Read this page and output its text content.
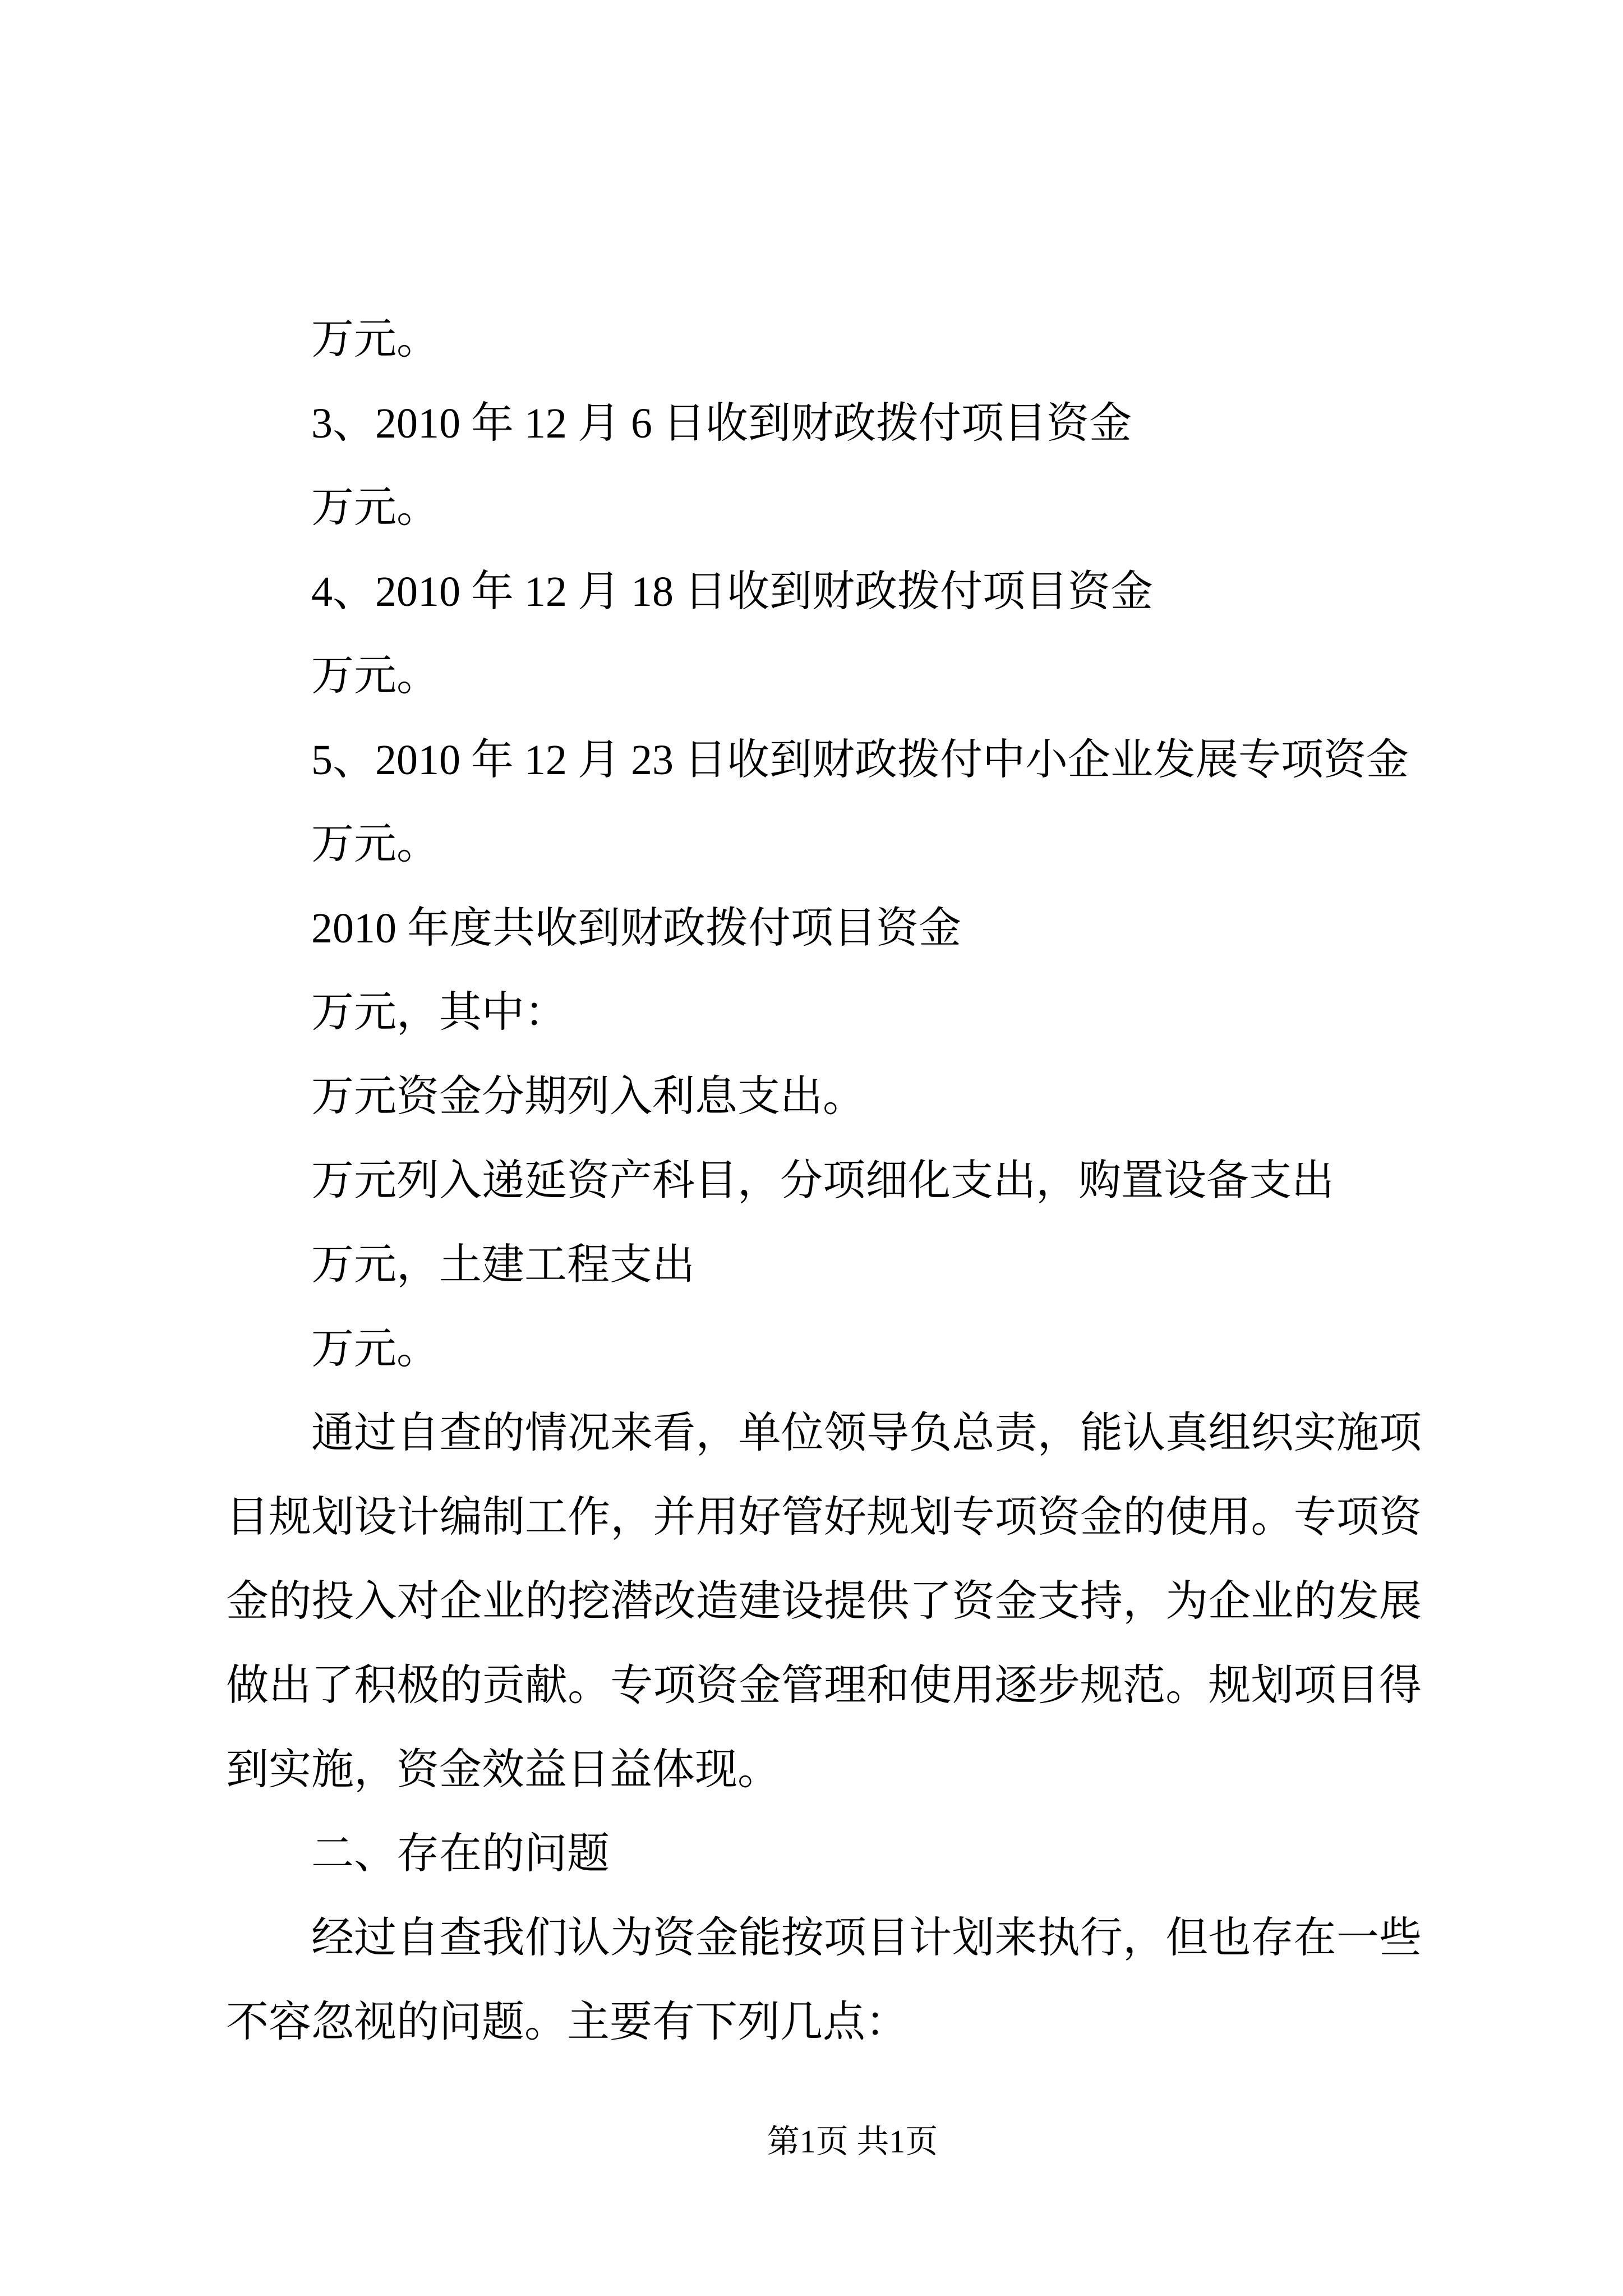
万元。
3、2010 年 12 月 6 日收到财政拨付项目资金
万元。
4、2010 年 12 月 18 日收到财政拨付项目资金
万元。
5、2010 年 12 月 23 日收到财政拨付中小企业发展专项资金
万元。
2010 年度共收到财政拨付项目资金
万元，其中：
万元资金分期列入利息支出。
万元列入递延资产科目，分项细化支出，购置设备支出
万元，土建工程支出
万元。
通过自查的情况来看，单位领导负总责，能认真组织实施项
目规划设计编制工作，并用好管好规划专项资金的使用。专项资
金的投入对企业的挖潜改造建设提供了资金支持，为企业的发展
做出了积极的贡献。专项资金管理和使用逐步规范。规划项目得
到实施，资金效益日益体现。
二、存在的问题
经过自查我们认为资金能按项目计划来执行，但也存在一些
不容忽视的问题。主要有下列几点：
第1页 共1页
